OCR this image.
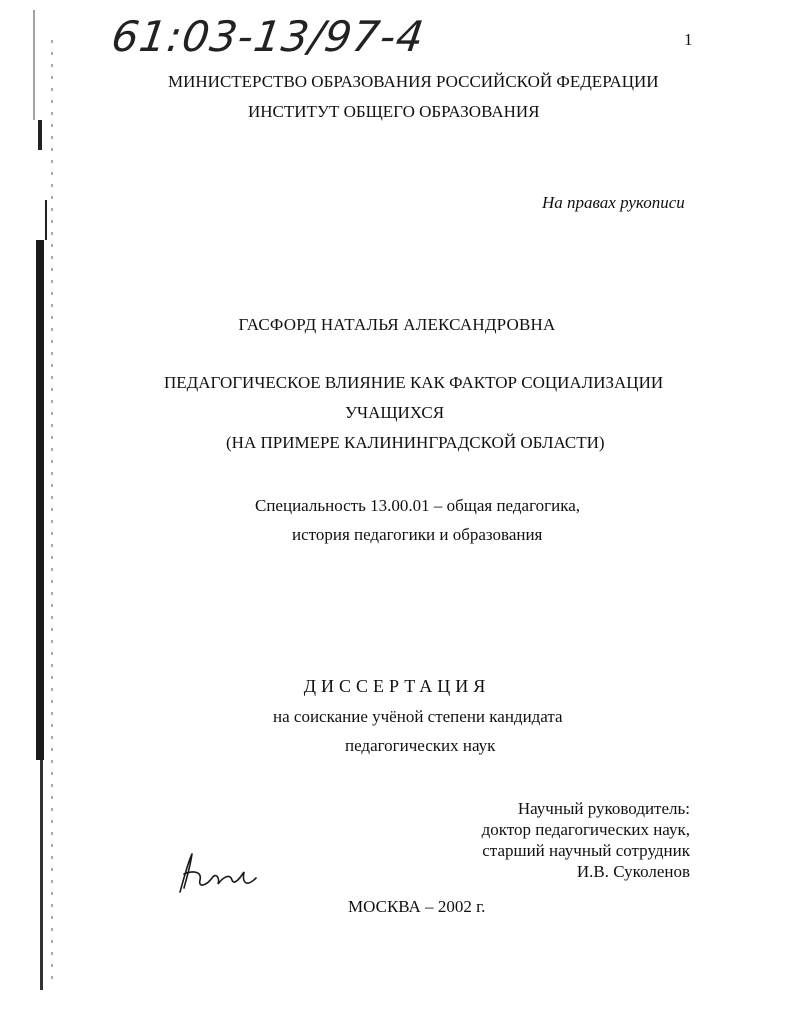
61:03-13/97-4	1
МИНИСТЕРСТВО ОБРАЗОВАНИЯ РОССИЙСКОЙ ФЕДЕРАЦИИ
ИНСТИТУТ ОБЩЕГО ОБРАЗОВАНИЯ
На правах рукописи
ГАСФОРД НАТАЛЬЯ АЛЕКСАНДРОВНА
ПЕДАГОГИЧЕСКОЕ ВЛИЯНИЕ КАК ФАКТОР СОЦИАЛИЗАЦИИ
УЧАЩИХСЯ
(НА ПРИМЕРЕ КАЛИНИНГРАДСКОЙ ОБЛАСТИ)
Специальность 13.00.01 – общая педагогика,
история педагогики и образования
ДИССЕРТАЦИЯ
на соискание учёной степени кандидата
педагогических наук
Научный руководитель:
доктор педагогических наук,
старший научный сотрудник
И.В. Суколенов
МОСКВА – 2002 г.
